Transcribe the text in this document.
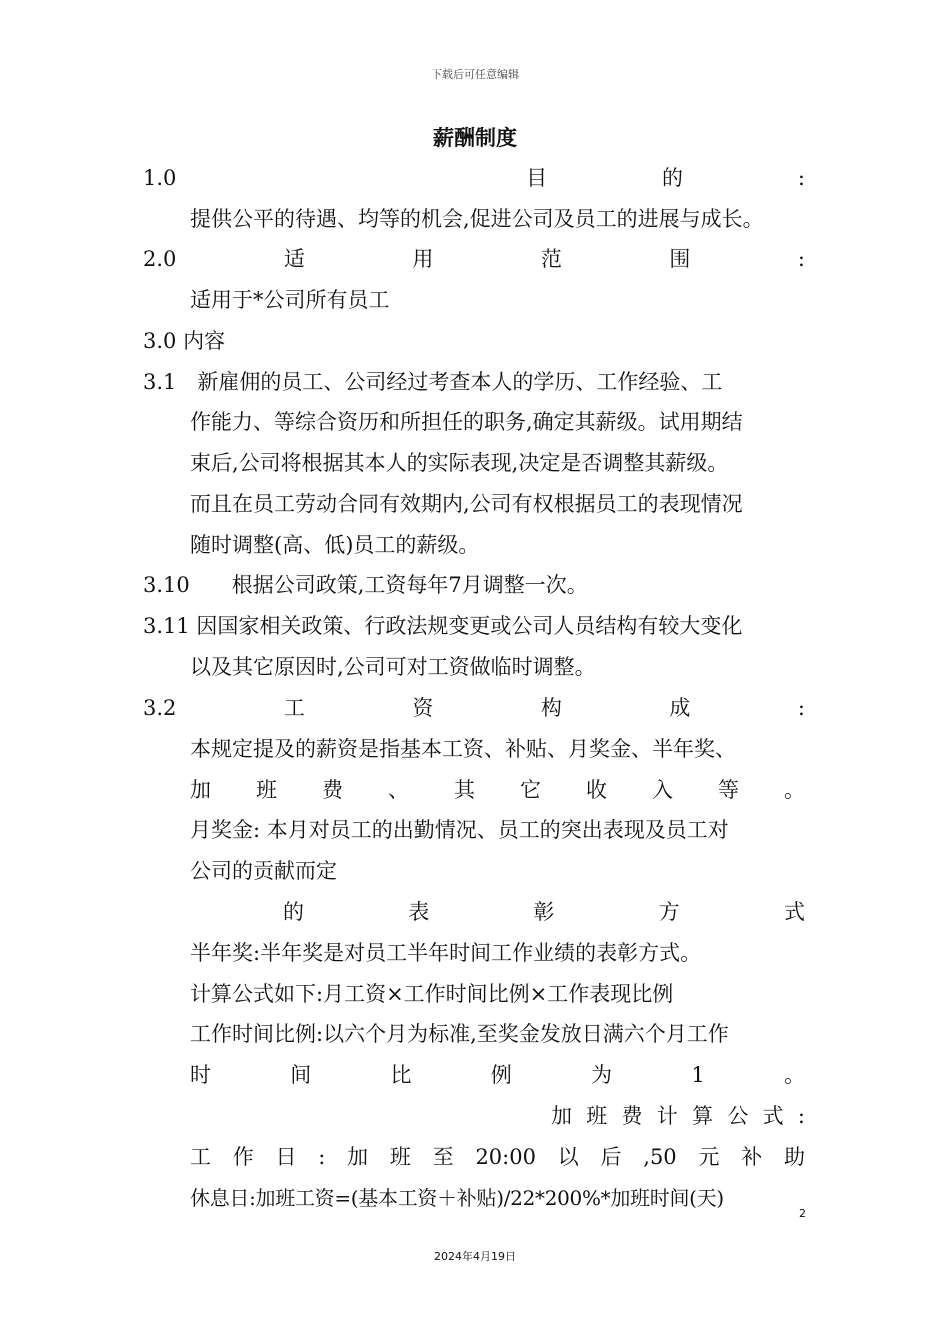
下载后可任意编辑
薪酬制度
1.0	目	的	:
提供公平的待遇、均等的机会,促进公司及员工的进展与成长。
2.0	适	用	范	围	:
适用于*公司所有员工
3.0 内容
3.1　新雇佣的员工、公司经过考查本人的学历、工作经验、工
作能力、等综合资历和所担任的职务,确定其薪级。试用期结
束后,公司将根据其本人的实际表现,决定是否调整其薪级。
而且在员工劳动合同有效期内,公司有权根据员工的表现情况
随时调整(高、低)员工的薪级。
3.10　　根据公司政策,工资每年7月调整一次。
3.11 因国家相关政策、行政法规变更或公司人员结构有较大变化
以及其它原因时,公司可对工资做临时调整。
3.2	工	资	构	成	:
本规定提及的薪资是指基本工资、补贴、月奖金、半年奖、
加 班 费 、 其 它 收 入 等 。
月奖金: 本月对员工的出勤情况、员工的突出表现及员工对
公司的贡献而定
的	表	彰	方	式
半年奖:半年奖是对员工半年时间工作业绩的表彰方式。
计算公式如下:月工资×工作时间比例×工作表现比例
工作时间比例:以六个月为标准,至奖金发放日满六个月工作
时	间	比	例	为	1	。
加 班 费 计 算 公 式 :
工 作 日 : 加 班 至 20:00 以 后 ,50 元 补 助
休息日:加班工资=(基本工资＋补贴)/22*200%*加班时间(天)
2
2024年4月19日
